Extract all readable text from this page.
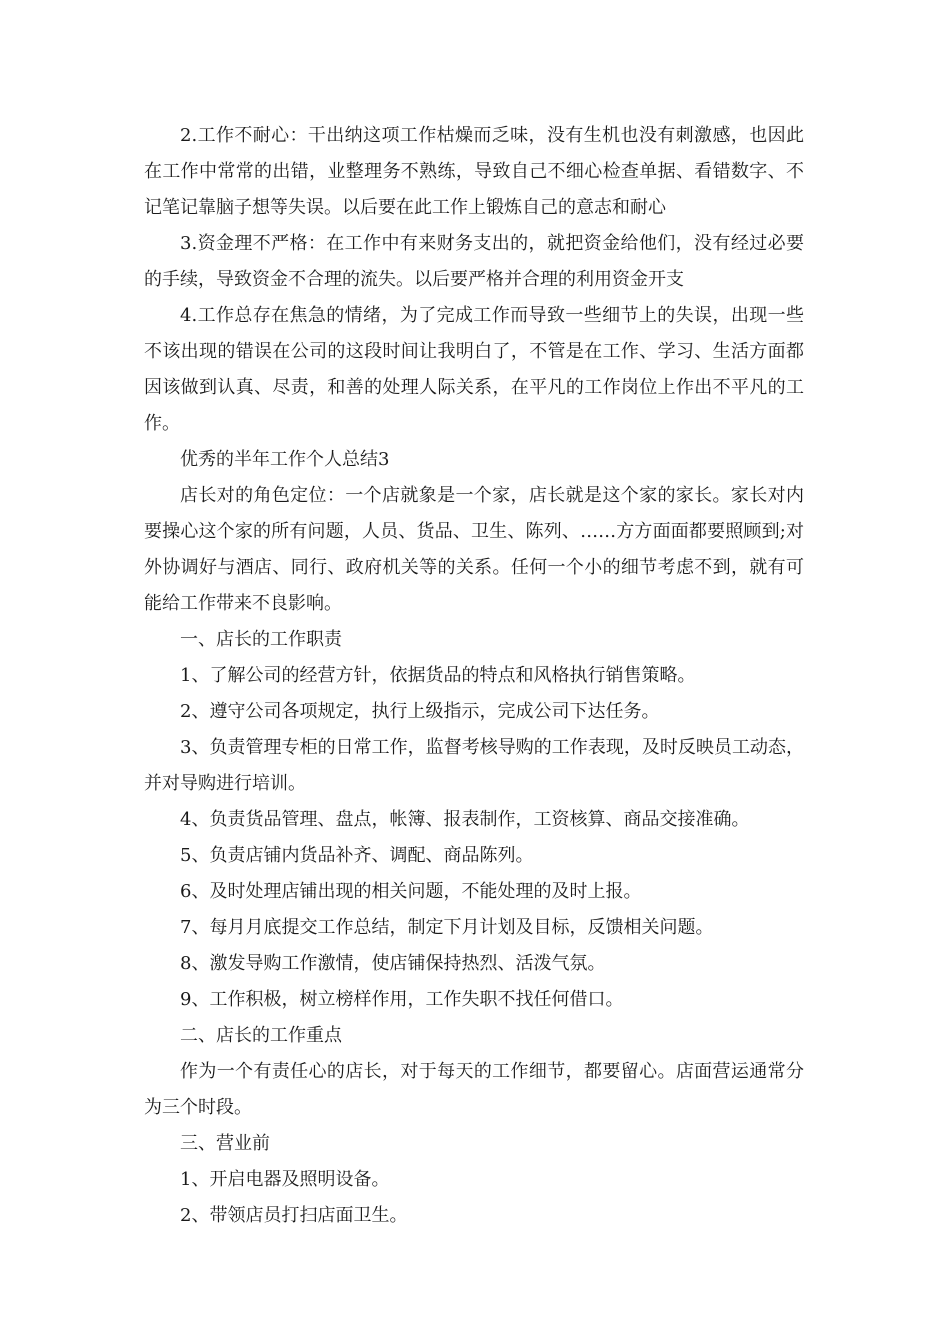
2.工作不耐心：干出纳这项工作枯燥而乏味，没有生机也没有刺激感，也因此在工作中常常的出错，业整理务不熟练，导致自己不细心检查单据、看错数字、不记笔记靠脑子想等失误。以后要在此工作上锻炼自己的意志和耐心

3.资金理不严格：在工作中有来财务支出的，就把资金给他们，没有经过必要的手续，导致资金不合理的流失。以后要严格并合理的利用资金开支

4.工作总存在焦急的情绪，为了完成工作而导致一些细节上的失误，出现一些不该出现的错误在公司的这段时间让我明白了，不管是在工作、学习、生活方面都因该做到认真、尽责，和善的处理人际关系，在平凡的工作岗位上作出不平凡的工作。

优秀的半年工作个人总结3

店长对的角色定位：一个店就象是一个家，店长就是这个家的家长。家长对内要操心这个家的所有问题，人员、货品、卫生、陈列、……方方面面都要照顾到;对外协调好与酒店、同行、政府机关等的关系。任何一个小的细节考虑不到，就有可能给工作带来不良影响。

一、店长的工作职责

1、了解公司的经营方针，依据货品的特点和风格执行销售策略。

2、遵守公司各项规定，执行上级指示，完成公司下达任务。

3、负责管理专柜的日常工作，监督考核导购的工作表现，及时反映员工动态，并对导购进行培训。

4、负责货品管理、盘点，帐簿、报表制作，工资核算、商品交接准确。

5、负责店铺内货品补齐、调配、商品陈列。

6、及时处理店铺出现的相关问题，不能处理的及时上报。

7、每月月底提交工作总结，制定下月计划及目标，反馈相关问题。

8、激发导购工作激情，使店铺保持热烈、活泼气氛。

9、工作积极，树立榜样作用，工作失职不找任何借口。

二、店长的工作重点

作为一个有责任心的店长，对于每天的工作细节，都要留心。店面营运通常分为三个时段。

三、营业前

1、开启电器及照明设备。

2、带领店员打扫店面卫生。
